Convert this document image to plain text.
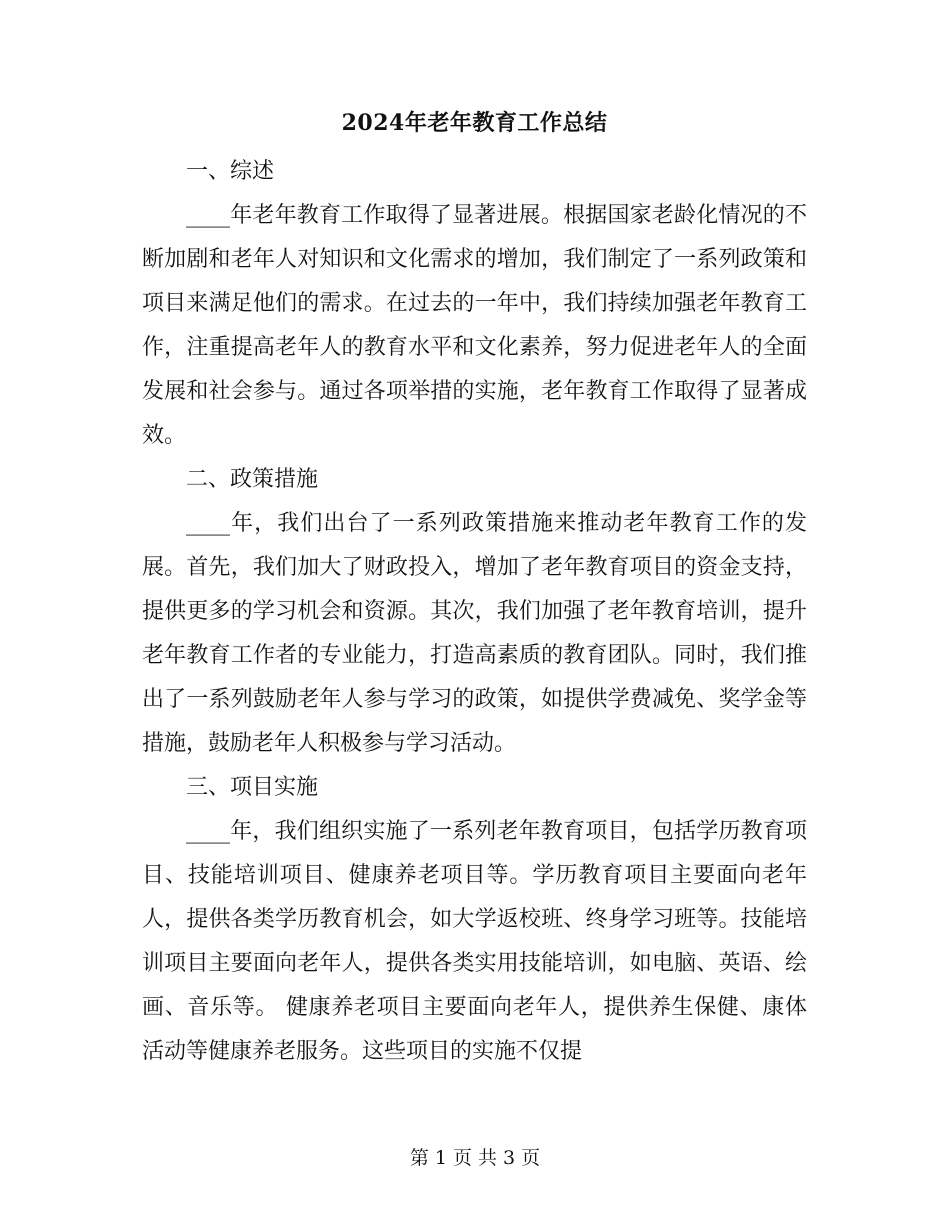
2024年老年教育工作总结

一、综述

____年老年教育工作取得了显著进展。根据国家老龄化情况的不断加剧和老年人对知识和文化需求的增加，我们制定了一系列政策和项目来满足他们的需求。在过去的一年中，我们持续加强老年教育工作，注重提高老年人的教育水平和文化素养，努力促进老年人的全面发展和社会参与。通过各项举措的实施，老年教育工作取得了显著成效。

二、政策措施

____年，我们出台了一系列政策措施来推动老年教育工作的发展。首先，我们加大了财政投入，增加了老年教育项目的资金支持，提供更多的学习机会和资源。其次，我们加强了老年教育培训，提升老年教育工作者的专业能力，打造高素质的教育团队。同时，我们推出了一系列鼓励老年人参与学习的政策，如提供学费减免、奖学金等措施，鼓励老年人积极参与学习活动。

三、项目实施

____年，我们组织实施了一系列老年教育项目，包括学历教育项目、技能培训项目、健康养老项目等。学历教育项目主要面向老年人，提供各类学历教育机会，如大学返校班、终身学习班等。技能培训项目主要面向老年人，提供各类实用技能培训，如电脑、英语、绘画、音乐等。 健康养老项目主要面向老年人，提供养生保健、康体活动等健康养老服务。这些项目的实施不仅提

第 1 页 共 3 页
